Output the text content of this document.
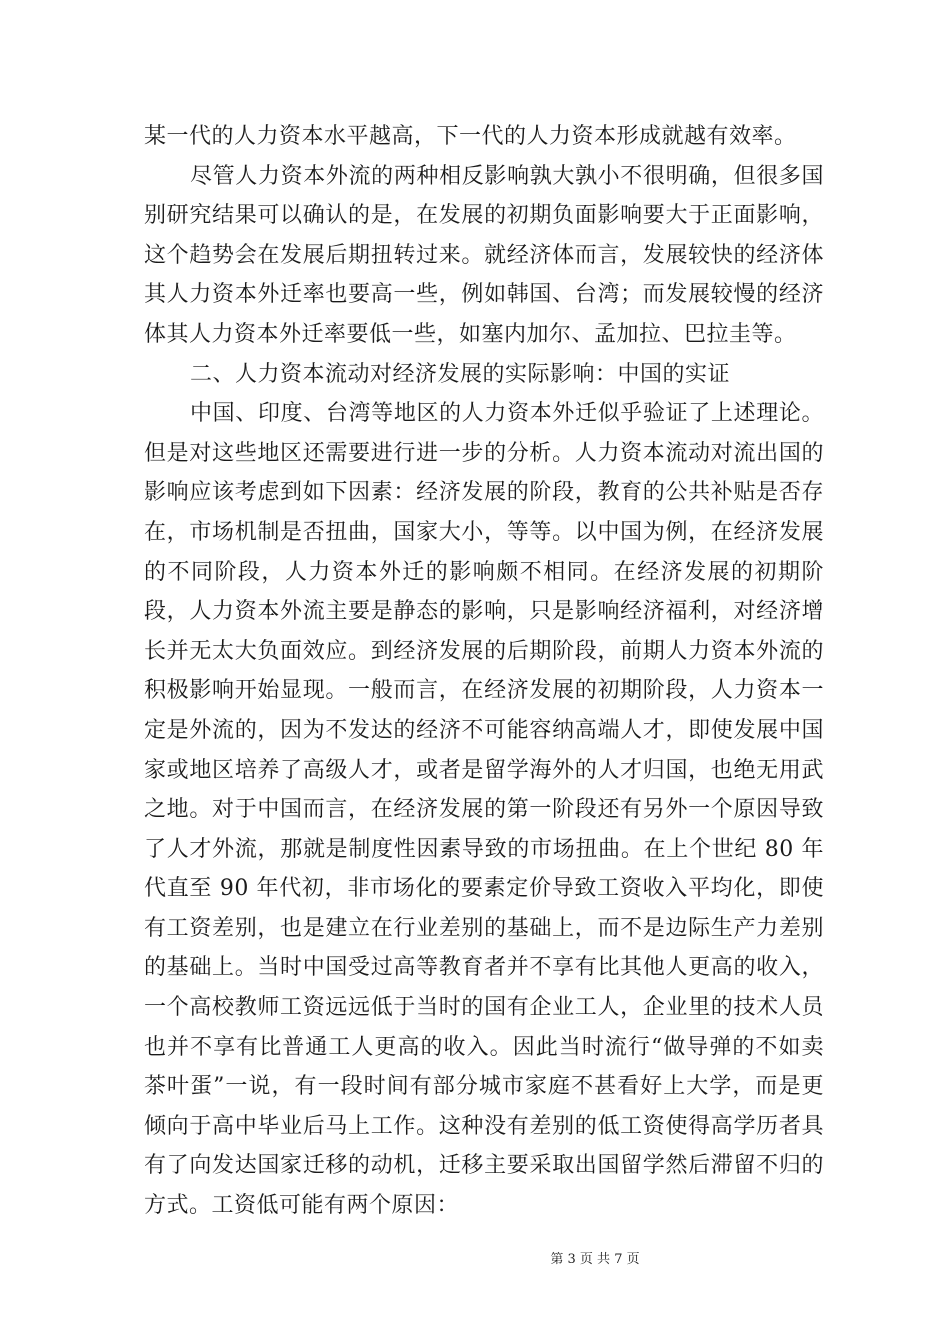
某一代的人力资本水平越高，下一代的人力资本形成就越有效率。

尽管人力资本外流的两种相反影响孰大孰小不很明确，但很多国别研究结果可以确认的是，在发展的初期负面影响要大于正面影响，这个趋势会在发展后期扭转过来。就经济体而言，发展较快的经济体其人力资本外迁率也要高一些，例如韩国、台湾；而发展较慢的经济体其人力资本外迁率要低一些，如塞内加尔、孟加拉、巴拉圭等。

二、人力资本流动对经济发展的实际影响：中国的实证

中国、印度、台湾等地区的人力资本外迁似乎验证了上述理论。但是对这些地区还需要进行进一步的分析。人力资本流动对流出国的影响应该考虑到如下因素：经济发展的阶段，教育的公共补贴是否存在，市场机制是否扭曲，国家大小，等等。以中国为例，在经济发展的不同阶段，人力资本外迁的影响颇不相同。在经济发展的初期阶段，人力资本外流主要是静态的影响，只是影响经济福利，对经济增长并无太大负面效应。到经济发展的后期阶段，前期人力资本外流的积极影响开始显现。一般而言，在经济发展的初期阶段，人力资本一定是外流的，因为不发达的经济不可能容纳高端人才，即使发展中国家或地区培养了高级人才，或者是留学海外的人才归国，也绝无用武之地。对于中国而言，在经济发展的第一阶段还有另外一个原因导致了人才外流，那就是制度性因素导致的市场扭曲。在上个世纪 80 年代直至 90 年代初，非市场化的要素定价导致工资收入平均化，即使有工资差别，也是建立在行业差别的基础上，而不是边际生产力差别的基础上。当时中国受过高等教育者并不享有比其他人更高的收入，一个高校教师工资远远低于当时的国有企业工人，企业里的技术人员也并不享有比普通工人更高的收入。因此当时流行“做导弹的不如卖茶叶蛋”一说，有一段时间有部分城市家庭不甚看好上大学，而是更倾向于高中毕业后马上工作。这种没有差别的低工资使得高学历者具有了向发达国家迁移的动机，迁移主要采取出国留学然后滞留不归的方式。工资低可能有两个原因：

第 3 页 共 7 页
